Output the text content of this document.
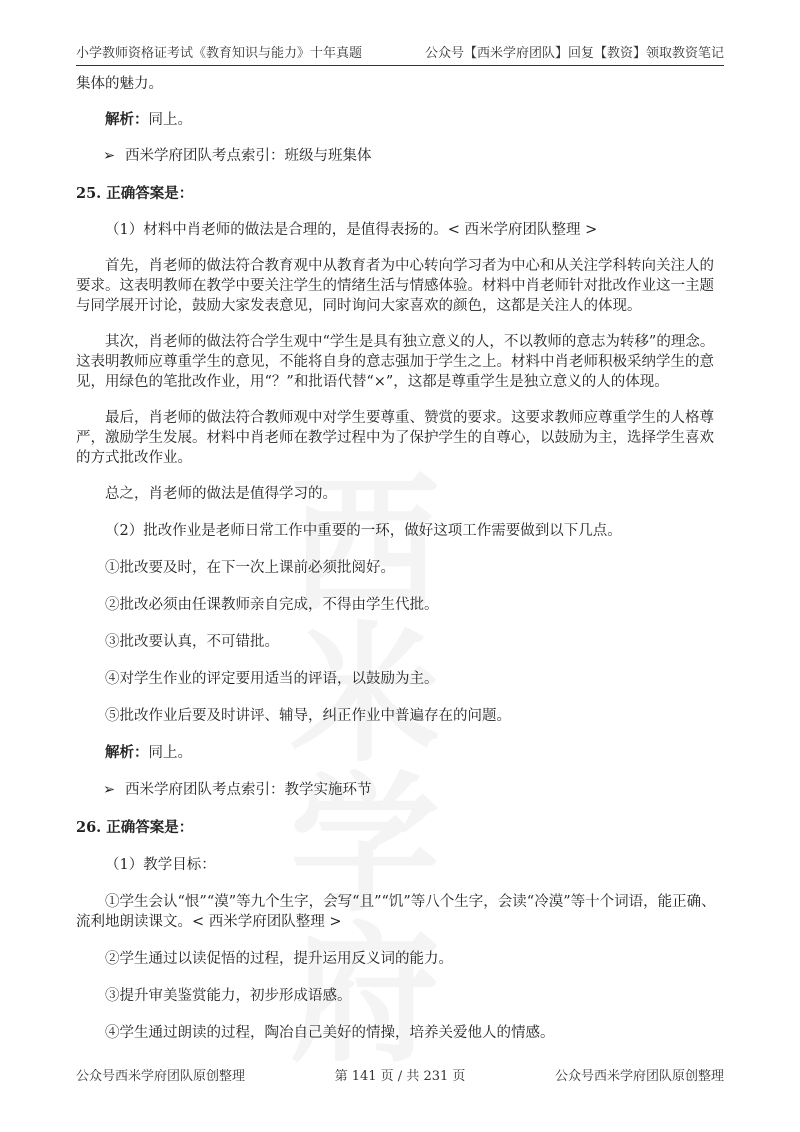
小学教师资格证考试《教育知识与能力》十年真题	公众号【西米学府团队】回复【教资】领取教资笔记

集体的魅力。

解析：同上。

➢ 西米学府团队考点索引：班级与班集体

25. 正确答案是：

（1）材料中肖老师的做法是合理的，是值得表扬的。< 西米学府团队整理 >

首先，肖老师的做法符合教育观中从教育者为中心转向学习者为中心和从关注学科转向关注人的要求。这表明教师在教学中要关注学生的情绪生活与情感体验。材料中肖老师针对批改作业这一主题与同学展开讨论，鼓励大家发表意见，同时询问大家喜欢的颜色，这都是关注人的体现。

其次，肖老师的做法符合学生观中“学生是具有独立意义的人，不以教师的意志为转移”的理念。这表明教师应尊重学生的意见，不能将自身的意志强加于学生之上。材料中肖老师积极采纳学生的意见，用绿色的笔批改作业，用“？”和批语代替“×”，这都是尊重学生是独立意义的人的体现。

最后，肖老师的做法符合教师观中对学生要尊重、赞赏的要求。这要求教师应尊重学生的人格尊严，激励学生发展。材料中肖老师在教学过程中为了保护学生的自尊心，以鼓励为主，选择学生喜欢的方式批改作业。

总之，肖老师的做法是值得学习的。

（2）批改作业是老师日常工作中重要的一环，做好这项工作需要做到以下几点。

①批改要及时，在下一次上课前必须批阅好。

②批改必须由任课教师亲自完成，不得由学生代批。

③批改要认真，不可错批。

④对学生作业的评定要用适当的评语，以鼓励为主。

⑤批改作业后要及时讲评、辅导，纠正作业中普遍存在的问题。

解析：同上。

➢ 西米学府团队考点索引：教学实施环节

26. 正确答案是：

（1）教学目标：

①学生会认“恨”“漠”等九个生字，会写“且”“饥”等八个生字，会读“冷漠”等十个词语，能正确、流利地朗读课文。< 西米学府团队整理 >

②学生通过以读促悟的过程，提升运用反义词的能力。

③提升审美鉴赏能力，初步形成语感。

④学生通过朗读的过程，陶冶自己美好的情操，培养关爱他人的情感。

公众号西米学府团队原创整理	第 141 页 / 共 231 页	公众号西米学府团队原创整理
